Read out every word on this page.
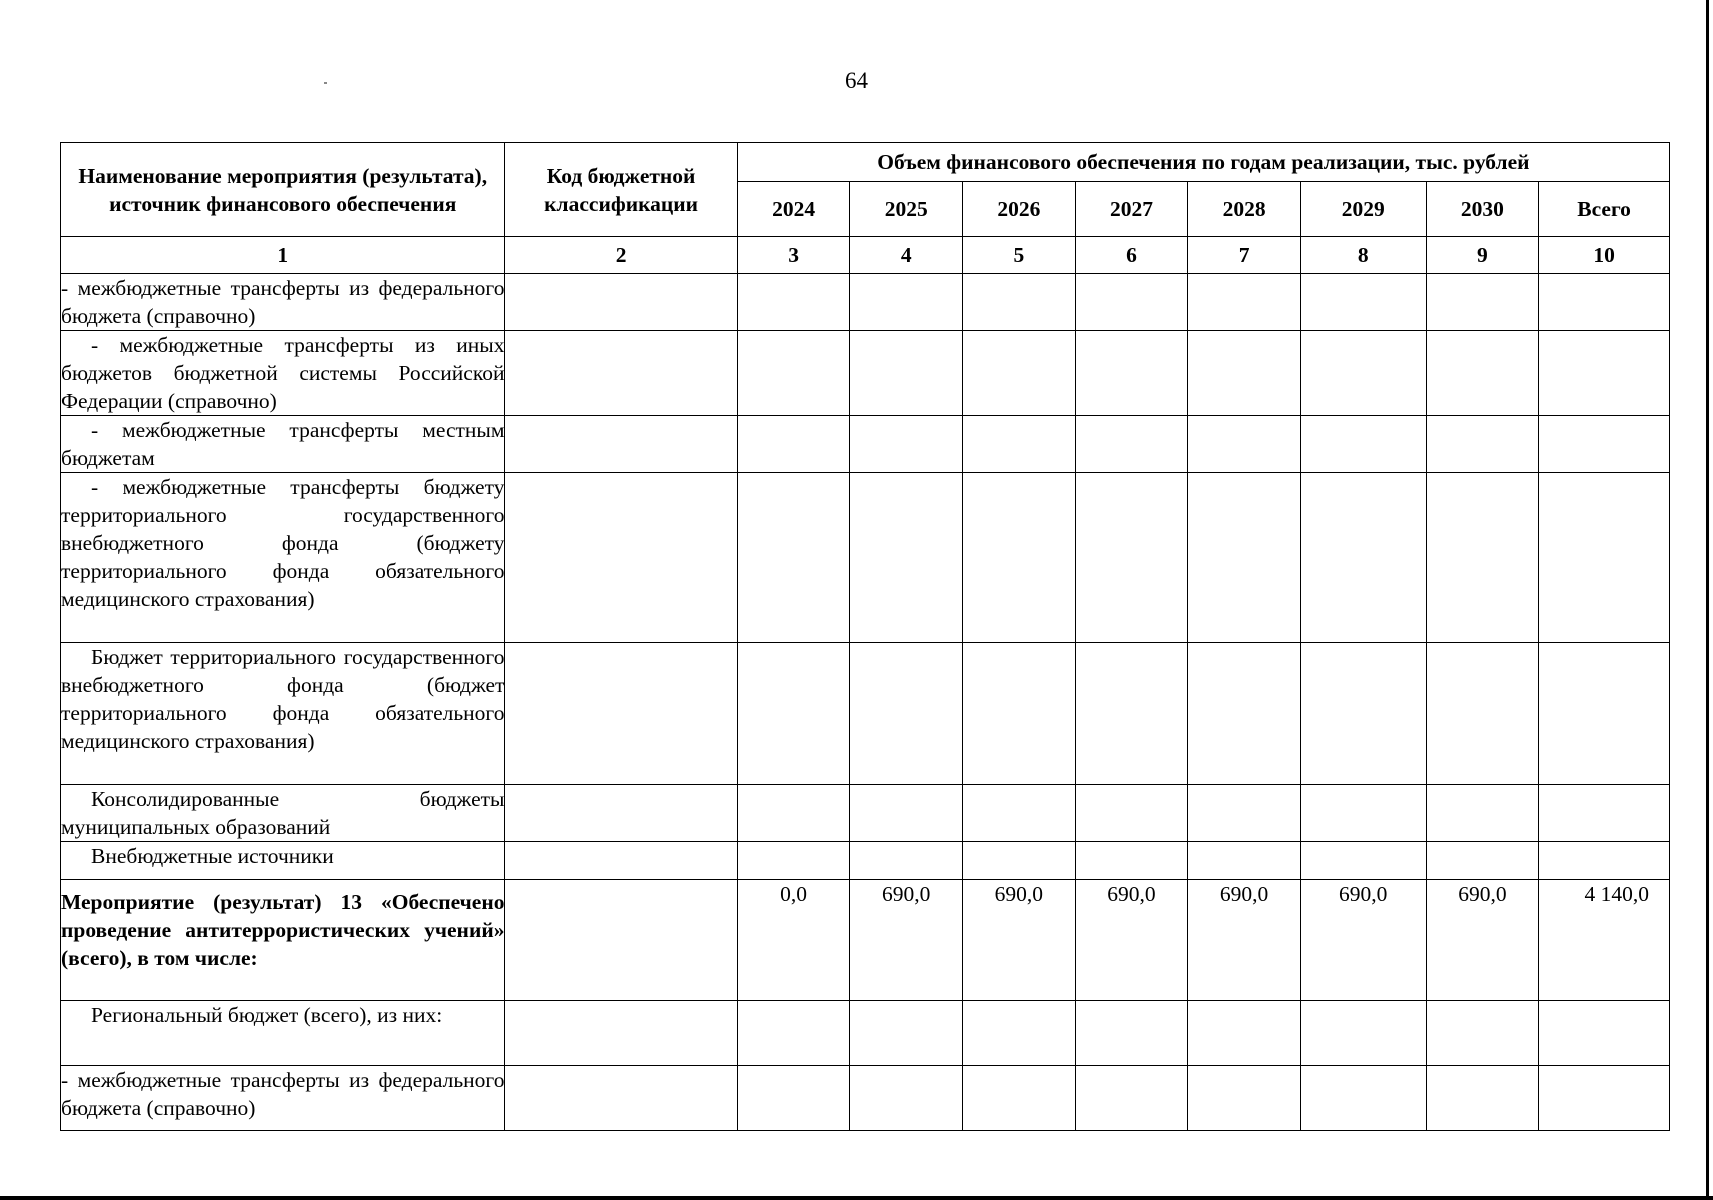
64
Наименование мероприятия (результата), источник финансового обеспечения	Код бюджетной классификации	Объем финансового обеспечения по годам реализации, тыс. рублей							
		2024	2025	2026	2027	2028	2029	2030	Всего
1	2	3	4	5	6	7	8	9	10
- межбюджетные трансферты из федерального бюджета (справочно)									
- межбюджетные трансферты из иных бюджетов бюджетной системы Российской Федерации (справочно)									
- межбюджетные трансферты местным бюджетам									
- межбюджетные трансферты бюджету территориального государственного внебюджетного фонда (бюджету территориального фонда обязательного медицинского страхования)									
Бюджет территориального государственного внебюджетного фонда (бюджет территориального фонда обязательного медицинского страхования)									
Консолидированные бюджеты муниципальных образований									
Внебюджетные источники									
Мероприятие (результат) 13 «Обеспечено проведение антитеррористических учений» (всего), в том числе:		0,0	690,0	690,0	690,0	690,0	690,0	690,0	4 140,0
Региональный бюджет (всего), из них:									
- межбюджетные трансферты из федерального бюджета (справочно)									
